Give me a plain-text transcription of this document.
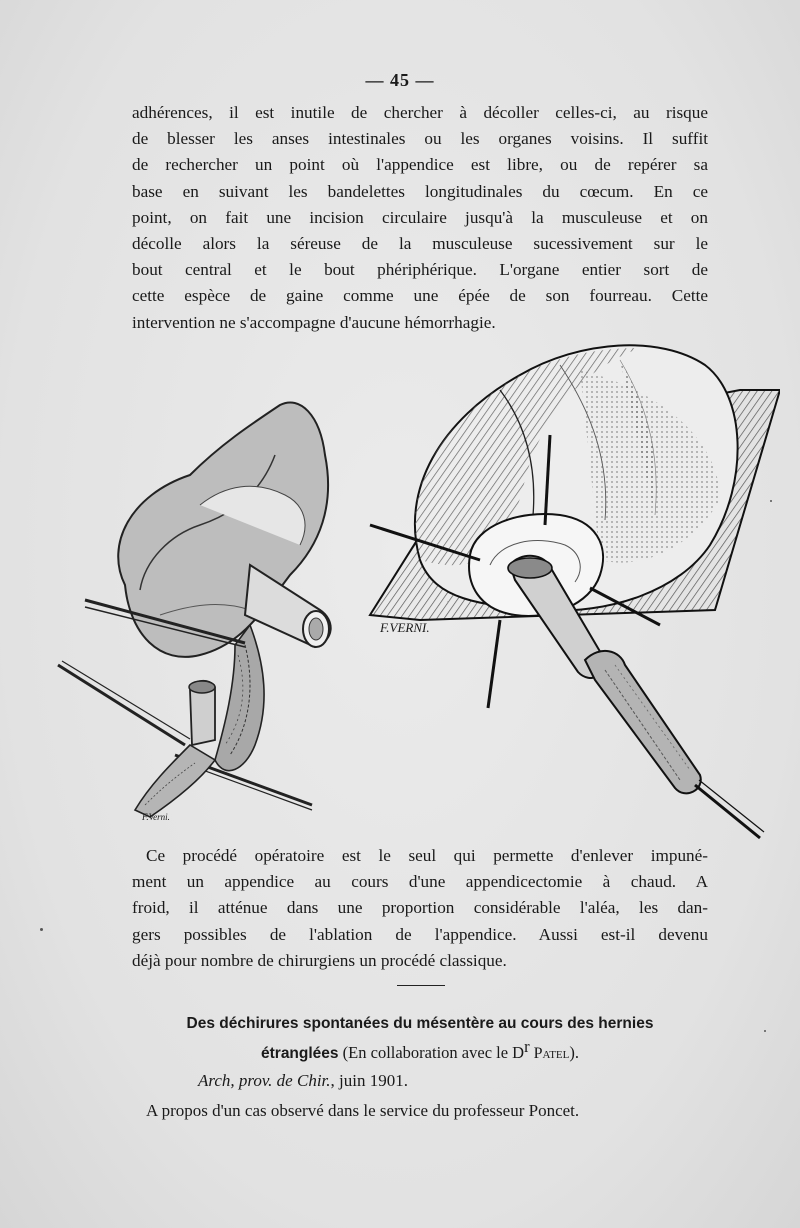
— 45 —
adhérences, il est inutile de chercher à décoller celles-ci, au risque
de blesser les anses intestinales ou les organes voisins. Il suffit
de rechercher un point où l'appendice est libre, ou de repérer sa
base en suivant les bandelettes longitudinales du cœcum. En ce
point, on fait une incision circulaire jusqu'à la musculeuse et on
décolle alors la séreuse de la musculeuse sucessivement sur le
bout central et le bout phériphérique. L'organe entier sort de
cette espèce de gaine comme une épée de son fourreau. Cette
intervention ne s'accompagne d'aucune hémorrhagie.
F.Verni.
F.VERNI.
Ce procédé opératoire est le seul qui permette d'enlever impuné-
ment un appendice au cours d'une appendicectomie à chaud. A
froid, il atténue dans une proportion considérable l'aléa, les dan-
gers possibles de l'ablation de l'appendice. Aussi est-il devenu
déjà pour nombre de chirurgiens un procédé classique.
Des déchirures spontanées du mésentère au cours des hernies
étranglées (En collaboration avec le $D^r$ Patel).
Arch, prov. de Chir., juin 1901.
A propos d'un cas observé dans le service du professeur Poncet.
